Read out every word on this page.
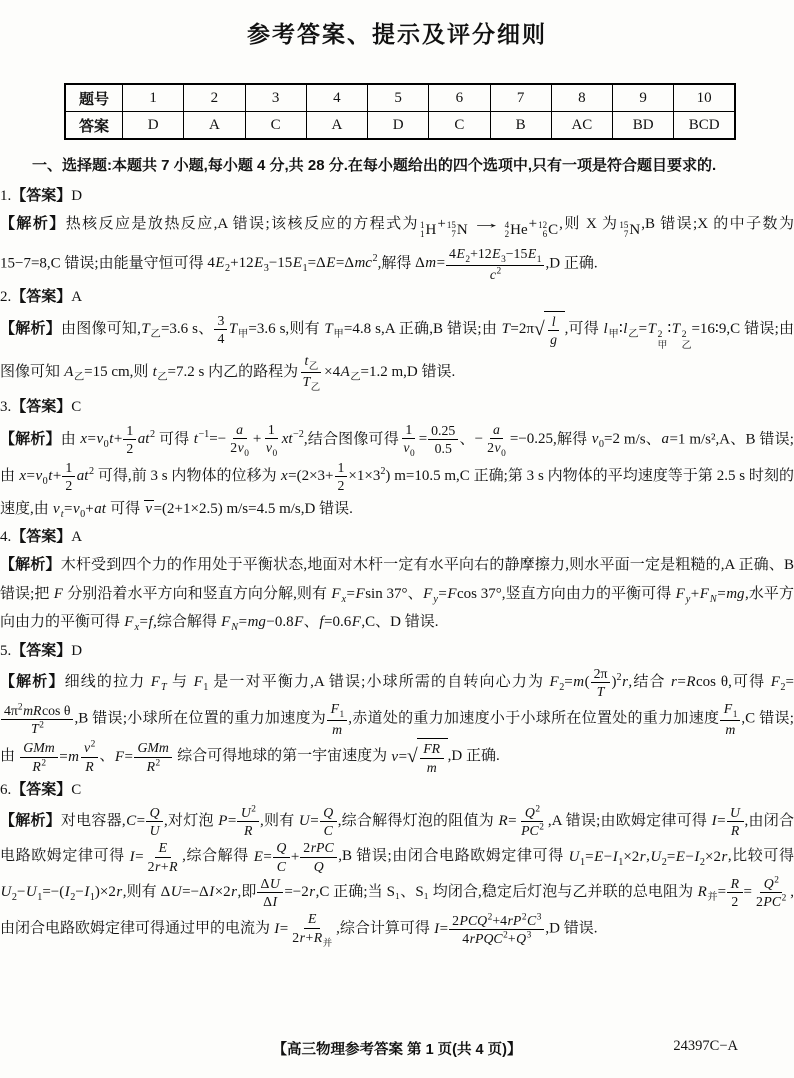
参考答案、提示及评分细则
题号	1	2	3	4	5	6	7	8	9	10
答案	D	A	C	A	D	C	B	AC	BD	BCD

一、选择题:本题共 7 小题,每小题 4 分,共 28 分.在每小题给出的四个选项中,只有一项是符合题目要求的.

1.【答案】D

【解析】热核反应是放热反应,A 错误;该核反应的方程式为 1
1 H+ 15
7 N → 4
2 He+ 12
6 C,则 X 为 15
7 N,B 错误;X 的中子数为 15−7=8,C 错误;由能量守恒可得 $4E_2+12E_3-15E_1=\Delta E=\Delta mc^2$,解得 $\Delta m= \frac{4E_2+12E_3-15E_1}{c^2} ,D$ 正确.

2.【答案】A

【解析】由图像可知$,T_乙=3.6$ s、 $\frac{3}{4} T_甲=3.6$ s,则有 $T_甲=4.8$ s,A 正确,B 错误;由 T=2π √ $\frac{l}{g}$ ,可得 $l_甲∶l_乙=T$ 2
甲
∶T 2
乙
=16∶9,C 错误;由图像可知 $A_乙=15$ cm,则 $t_乙=7.2$ s 内乙的路程为 $\frac{t_乙}{T_乙} \times 4A_乙=1.2$ m,D 错误.

3.【答案】C

【解析】由 $x=v_0t+ \frac{1}{2} at^2$ 可得 $t^{-1}=- \frac{a}{2v_0} + \frac{1}{v_0} xt^{-2}$,结合图像可得 $\frac{1}{v_0} = \frac{0.25}{0.5}$ 、− $\frac{a}{2v_0} =-0.25$,解得 $v_0=2$ m/s、a=1 m/s²,A、B 错误;由 $x=v_0t+ \frac{1}{2} at^2$ 可得,前 3 s 内物体的位移为 $x=(2\times 3+ \frac{1}{2} \times 1\times 3^2)$ m=10.5 m,C 正确;第 3 s 内物体的平均速度等于第 2.5 s 时刻的速度,由 $v_t=v_0+at$ 可得 v =(2+1×2.5) m/s=4.5 m/s,D 错误.

4.【答案】A

【解析】木杆受到四个力的作用处于平衡状态,地面对木杆一定有水平向右的静摩擦力,则水平面一定是粗糙的,A 正确、B 错误;把 F 分别沿着水平方向和竖直方向分解,则有 $F_x=Fsin$ 37°、$F_y=Fcos$ 37°,竖直方向由力的平衡可得 $F_y+F_N=mg$,水平方向由力的平衡可得 $F_x=f$,综合解得 $F_N=mg-0.8F$、f=0.6F,C、D 错误.

5.【答案】D

【解析】细线的拉力 $F_T$ 与 $F_1$ 是一对平衡力,A 错误;小球所需的自转向心力为 $F_2=m( \frac{2\pi}{T} )^2r$,结合 r=Rcos θ,可得 $F_2=$
$\frac{4\pi^2mRcos \theta}{T^2} ,B$ 错误;小球所在位置的重力加速度为 $\frac{F_1}{m}$ ,赤道处的重力加速度小于小球所在位置处的重力加速度 $\frac{F_1}{m} ,C$ 错误;由 $\frac{\text{GMm}}{R^2} =m \frac{v^2}{R}$ 、$F= \frac{\text{GMm}}{R^2}$ 综合可得地球的第一宇宙速度为 v= √ $\frac{FR}{m} ,D$ 正确.

6.【答案】C

【解析】对电容器$,C= \frac{Q}{U}$ ,对灯泡 $P= \frac{U^2}{R}$ ,则有 $U= \frac{Q}{C}$ ,综合解得灯泡的阻值为 $R= \frac{Q^2}{PC^2} ,A$ 错误;由欧姆定律可得 $I= \frac{U}{R}$ ,由闭合电路欧姆定律可得 $I= \frac{E}{2r+R}$ ,综合解得 $E= \frac{Q}{C} + \frac{\text{2rPC}}{Q} ,B$ 错误;由闭合电路欧姆定律可得 $U_1=E-I_1\times 2r,U_2=E-I_2\times 2r$,比较可得 $U_2-U_1=-(I_2-I_1)\times 2r$,则有 ΔU=−ΔI×2r,即 $\frac{\Delta U}{\Delta I} =-2r,C$ 正确;当 S₁、S₁ 均闭合,稳定后灯泡与乙并联的总电阻为 $R_并= \frac{R}{2} = \frac{Q^2}{2PC^2}$ ,由闭合电路欧姆定律可得通过甲的电流为 $I= \frac{E}{2r+R_并}$ ,综合计算可得 $I= \frac{2PCQ^2+4rP^2C^3}{4rPQC^2+Q^3} ,D$ 错误.

【高三物理参考答案 第 1 页(共 4 页)】	24397C−A
